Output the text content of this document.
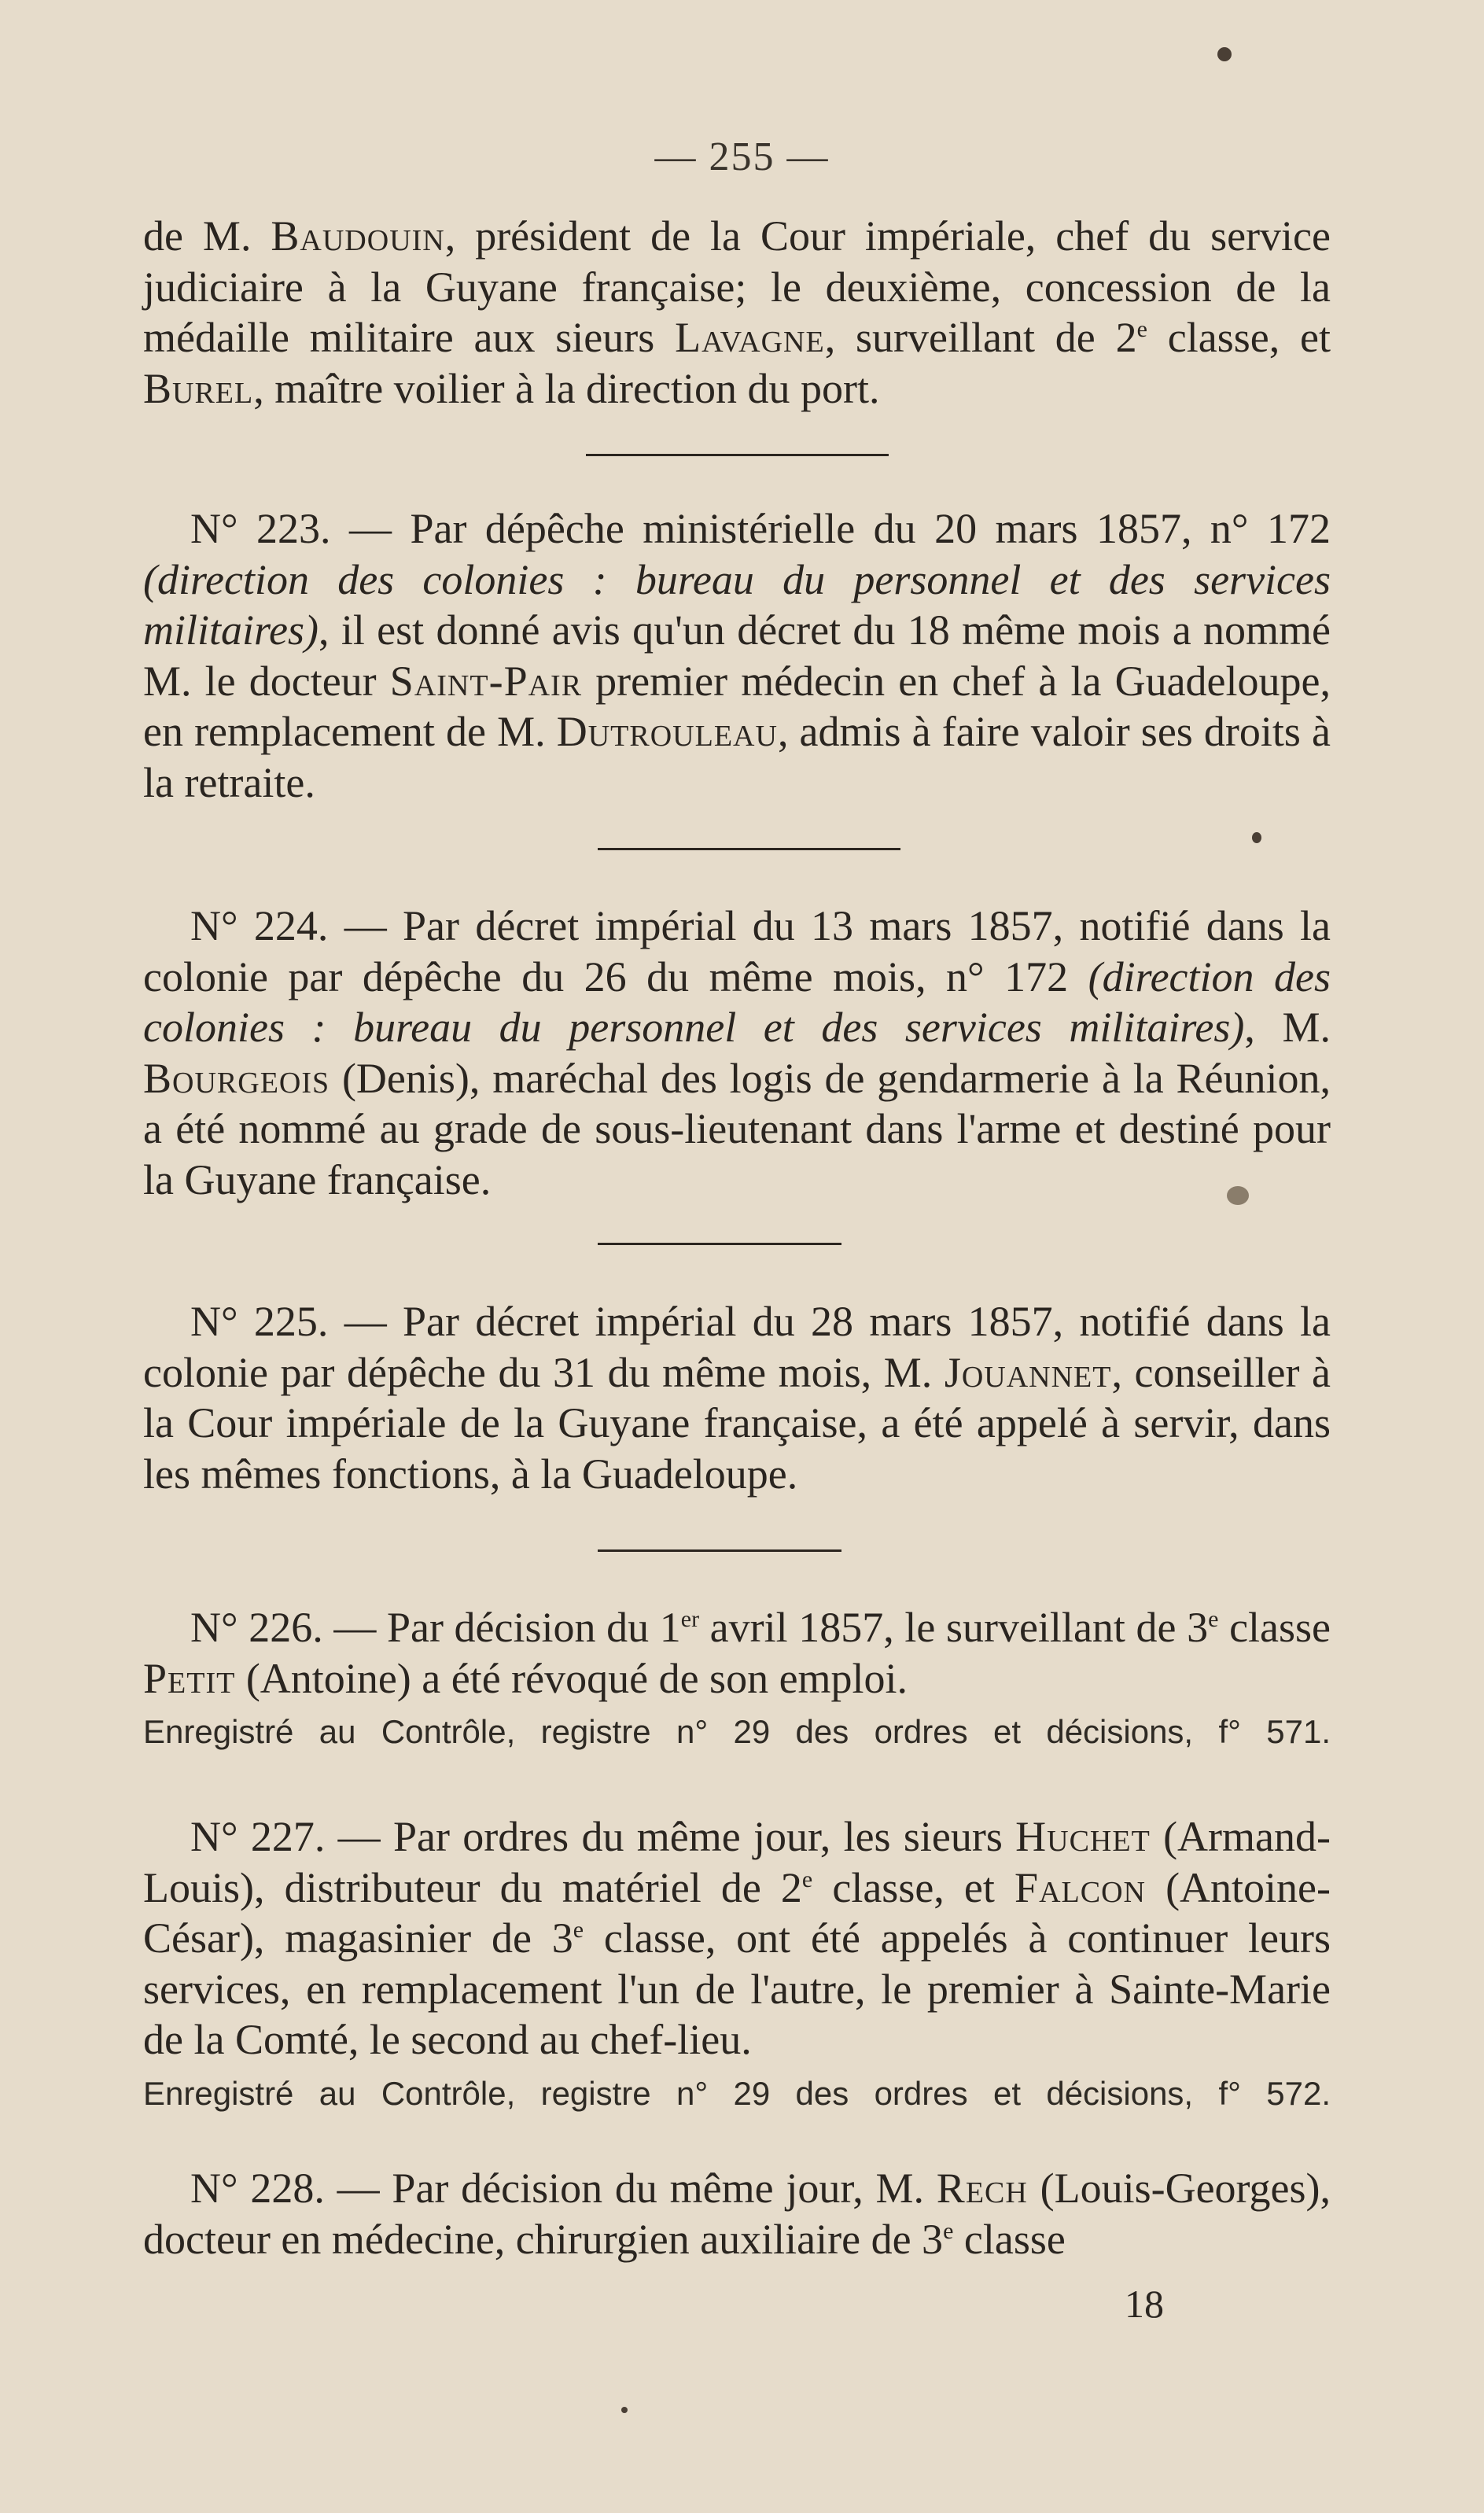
— 255 —

de M. Baudouin, président de la Cour impériale, chef du service judiciaire à la Guyane française; le deuxième, concession de la médaille militaire aux sieurs Lavagne, surveillant de 2e classe, et Burel, maître voilier à la direction du port.

N° 223. — Par dépêche ministérielle du 20 mars 1857, n° 172 (direction des colonies : bureau du personnel et des services militaires), il est donné avis qu'un décret du 18 même mois a nommé M. le docteur Saint-Pair premier médecin en chef à la Guadeloupe, en remplacement de M. Dutrouleau, admis à faire valoir ses droits à la retraite.

N° 224. — Par décret impérial du 13 mars 1857, notifié dans la colonie par dépêche du 26 du même mois, n° 172 (direction des colonies : bureau du personnel et des services militaires), M. Bourgeois (Denis), maréchal des logis de gendarmerie à la Réunion, a été nommé au grade de sous-lieutenant dans l'arme et destiné pour la Guyane française.

N° 225. — Par décret impérial du 28 mars 1857, notifié dans la colonie par dépêche du 31 du même mois, M. Jouannet, conseiller à la Cour impériale de la Guyane française, a été appelé à servir, dans les mêmes fonctions, à la Guadeloupe.

N° 226. — Par décision du 1er avril 1857, le surveillant de 3e classe Petit (Antoine) a été révoqué de son emploi.

Enregistré au Contrôle, registre n° 29 des ordres et décisions, f° 571.

N° 227. — Par ordres du même jour, les sieurs Huchet (Armand-Louis), distributeur du matériel de 2e classe, et Falcon (Antoine-César), magasinier de 3e classe, ont été appelés à continuer leurs services, en remplacement l'un de l'autre, le premier à Sainte-Marie de la Comté, le second au chef-lieu.

Enregistré au Contrôle, registre n° 29 des ordres et décisions, f° 572.

N° 228. — Par décision du même jour, M. Rech (Louis-Georges), docteur en médecine, chirurgien auxiliaire de 3e classe

18
